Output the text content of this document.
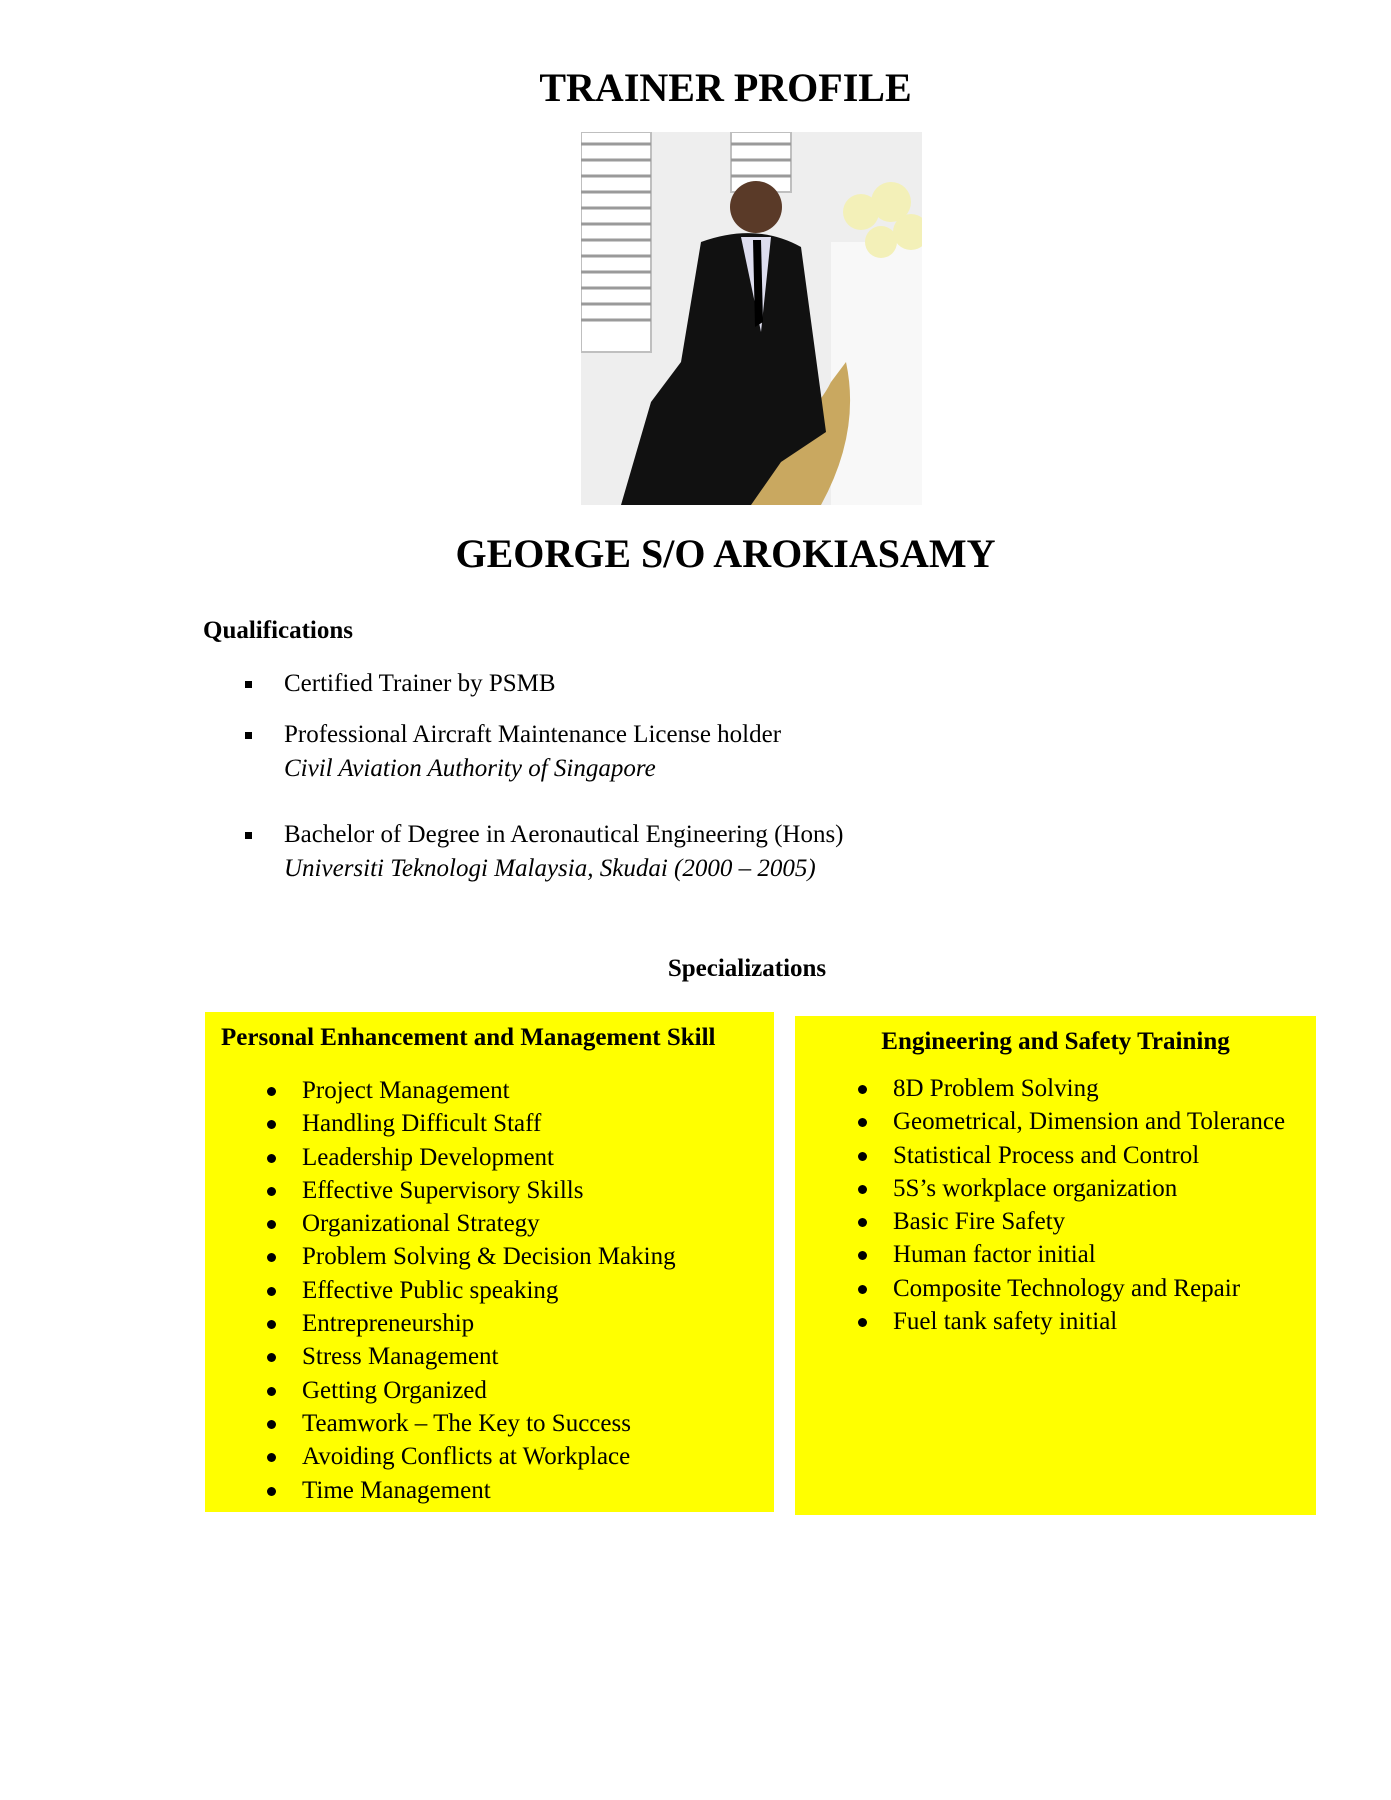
TRAINER PROFILE
GEORGE S/O AROKIASAMY
Qualifications
Certified Trainer by PSMB
Professional Aircraft Maintenance License holder
Civil Aviation Authority of Singapore
Bachelor of Degree in Aeronautical Engineering (Hons)
Universiti Teknologi Malaysia, Skudai (2000 – 2005)
Specializations
Personal Enhancement and Management Skill
Project Management
Handling Difficult Staff
Leadership Development
Effective Supervisory Skills
Organizational Strategy
Problem Solving & Decision Making
Effective Public speaking
Entrepreneurship
Stress Management
Getting Organized
Teamwork – The Key to Success
Avoiding Conflicts at Workplace
Time Management
Engineering and Safety Training
8D Problem Solving
Geometrical, Dimension and Tolerance
Statistical Process and Control
5S’s workplace organization
Basic Fire Safety
Human factor initial
Composite Technology and Repair
Fuel tank safety initial
